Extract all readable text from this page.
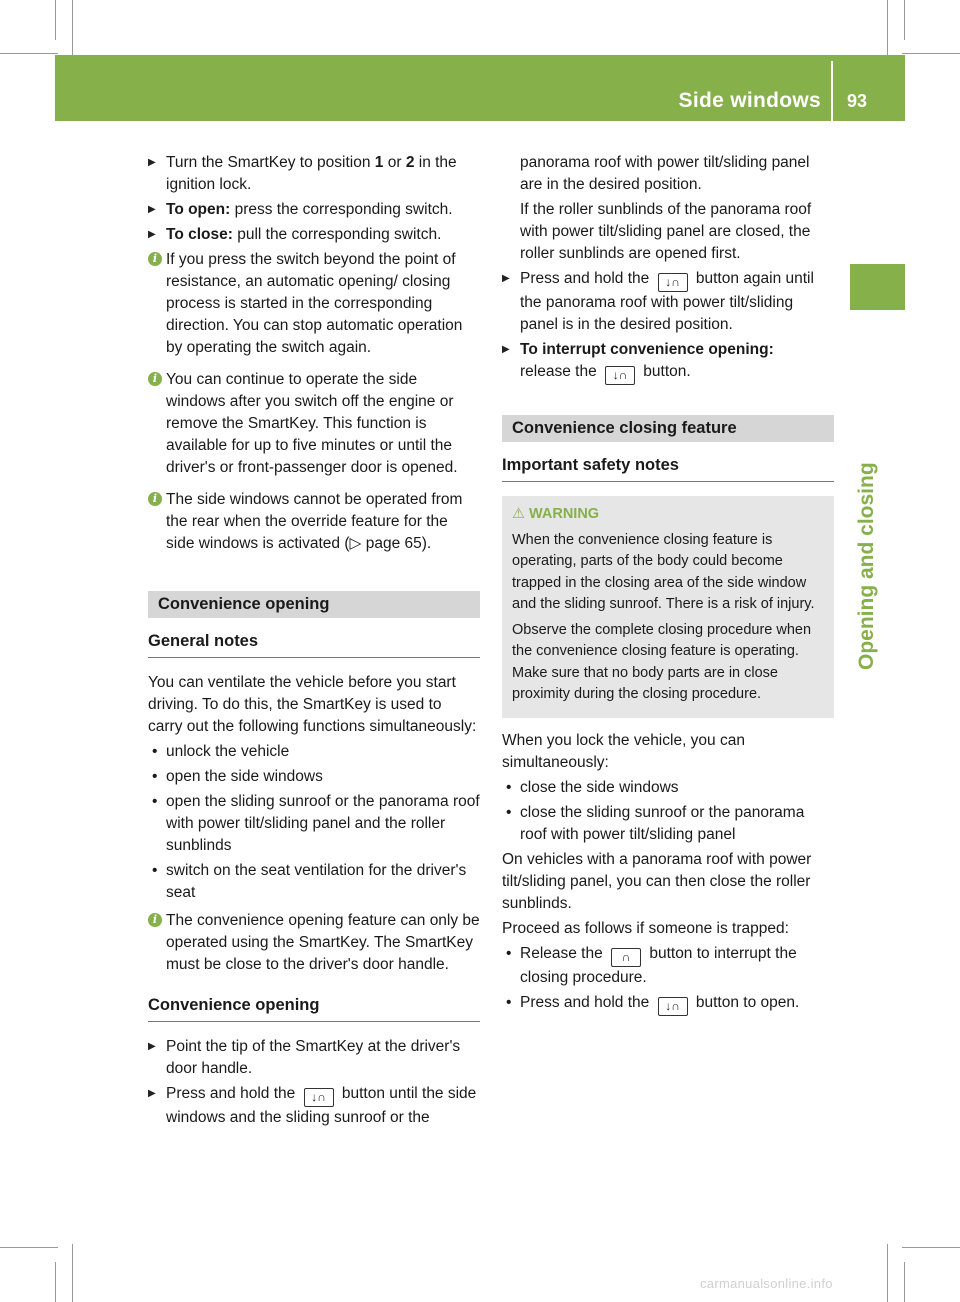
Side windows 93
Opening and closing
▶ Turn the SmartKey to position 1 or 2 in the ignition lock.
▶ To open: press the corresponding switch.
▶ To close: pull the corresponding switch.
i If you press the switch beyond the point of resistance, an automatic opening/ closing process is started in the corresponding direction. You can stop automatic operation by operating the switch again.
i You can continue to operate the side windows after you switch off the engine or remove the SmartKey. This function is available for up to five minutes or until the driver's or front-passenger door is opened.
i The side windows cannot be operated from the rear when the override feature for the side windows is activated (▷ page 65).
Convenience opening
General notes

You can ventilate the vehicle before you start driving. To do this, the SmartKey is used to carry out the following functions simultaneously:

• unlock the vehicle
• open the side windows
• open the sliding sunroof or the panorama roof with power tilt/sliding panel and the roller sunblinds
• switch on the seat ventilation for the driver's seat
i The convenience opening feature can only be operated using the SmartKey. The SmartKey must be close to the driver's door handle.
Convenience opening
▶ Point the tip of the SmartKey at the driver's door handle.
▶ Press and hold the ↓∩ button until the side windows and the sliding sunroof or the

panorama roof with power tilt/sliding panel are in the desired position.

If the roller sunblinds of the panorama roof with power tilt/sliding panel are closed, the roller sunblinds are opened first.

▶ Press and hold the ↓∩ button again until the panorama roof with power tilt/sliding panel is in the desired position.
▶ To interrupt convenience opening:
release the ↓∩ button.
Convenience closing feature
Important safety notes
⚠ WARNING

When the convenience closing feature is operating, parts of the body could become trapped in the closing area of the side window and the sliding sunroof. There is a risk of injury.

Observe the complete closing procedure when the convenience closing feature is operating. Make sure that no body parts are in close proximity during the closing procedure.

When you lock the vehicle, you can simultaneously:

• close the side windows
• close the sliding sunroof or the panorama roof with power tilt/sliding panel

On vehicles with a panorama roof with power tilt/sliding panel, you can then close the roller sunblinds.

Proceed as follows if someone is trapped:

• Release the ∩ button to interrupt the closing procedure.
• Press and hold the ↓∩ button to open.
carmanualsonline.info
